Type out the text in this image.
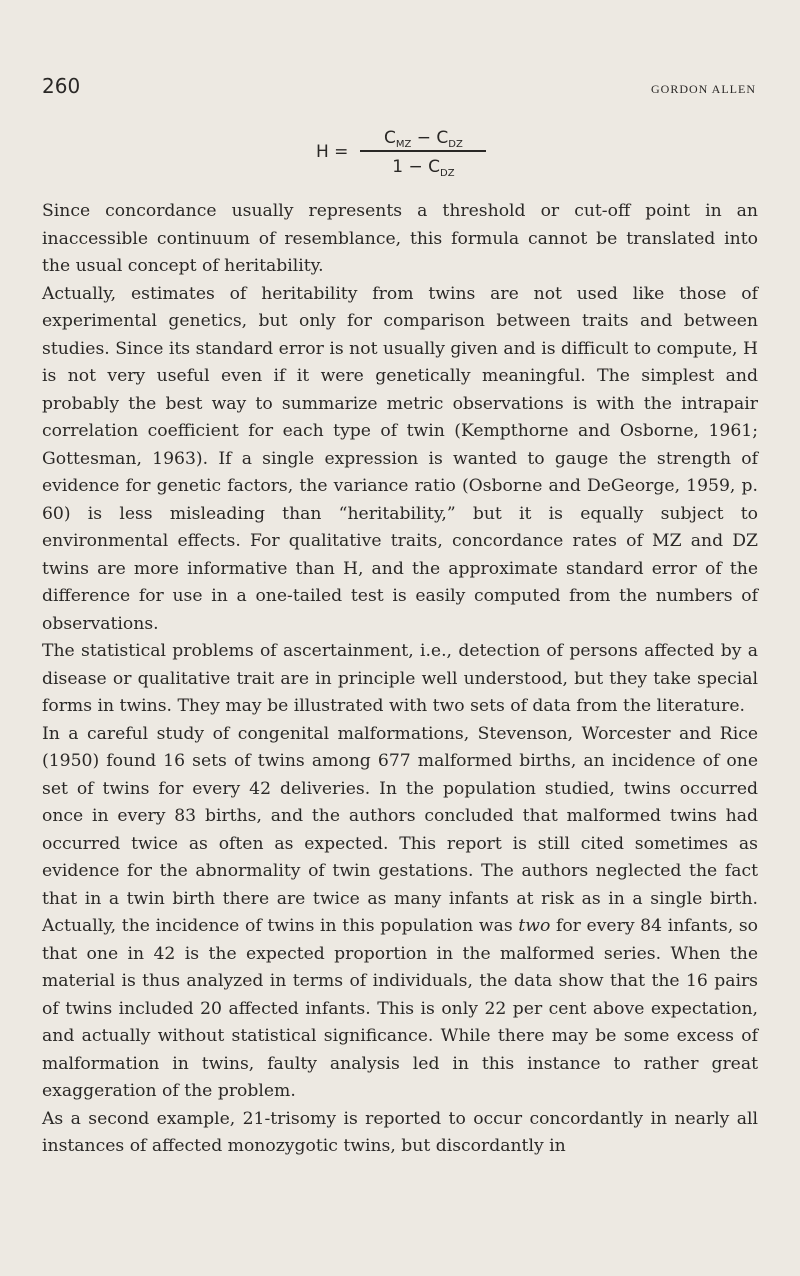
260	GORDON ALLEN
$H = \frac{C_{MZ} - C_{DZ}}{1 - C_{DZ}}$

Since concordance usually represents a threshold or cut-off point in an inaccessible continuum of resemblance, this formula cannot be translated into the usual concept of heritability.

Actually, estimates of heritability from twins are not used like those of experimental genetics, but only for comparison between traits and between studies. Since its standard error is not usually given and is difficult to compute, H is not very useful even if it were genetically meaningful. The simplest and probably the best way to summarize metric observations is with the intrapair correlation coefficient for each type of twin (Kempthorne and Osborne, 1961; Gottesman, 1963). If a single expression is wanted to gauge the strength of evidence for genetic factors, the variance ratio (Osborne and DeGeorge, 1959, p. 60) is less misleading than “heritability,” but it is equally subject to environmental effects. For qualitative traits, concordance rates of MZ and DZ twins are more informative than H, and the approximate standard error of the difference for use in a one-tailed test is easily computed from the numbers of observations.

The statistical problems of ascertainment, i.e., detection of persons affected by a disease or qualitative trait are in principle well understood, but they take special forms in twins. They may be illustrated with two sets of data from the literature.

In a careful study of congenital malformations, Stevenson, Worcester and Rice (1950) found 16 sets of twins among 677 malformed births, an incidence of one set of twins for every 42 deliveries. In the population studied, twins occurred once in every 83 births, and the authors concluded that malformed twins had occurred twice as often as expected. This report is still cited sometimes as evidence for the abnormality of twin gestations. The authors neglected the fact that in a twin birth there are twice as many infants at risk as in a single birth. Actually, the incidence of twins in this population was two for every 84 infants, so that one in 42 is the expected proportion in the malformed series. When the material is thus analyzed in terms of individuals, the data show that the 16 pairs of twins included 20 affected infants. This is only 22 per cent above expectation, and actually without statistical significance. While there may be some excess of malformation in twins, faulty analysis led in this instance to rather great exaggeration of the problem.

As a second example, 21-trisomy is reported to occur concordantly in nearly all instances of affected monozygotic twins, but discordantly in
